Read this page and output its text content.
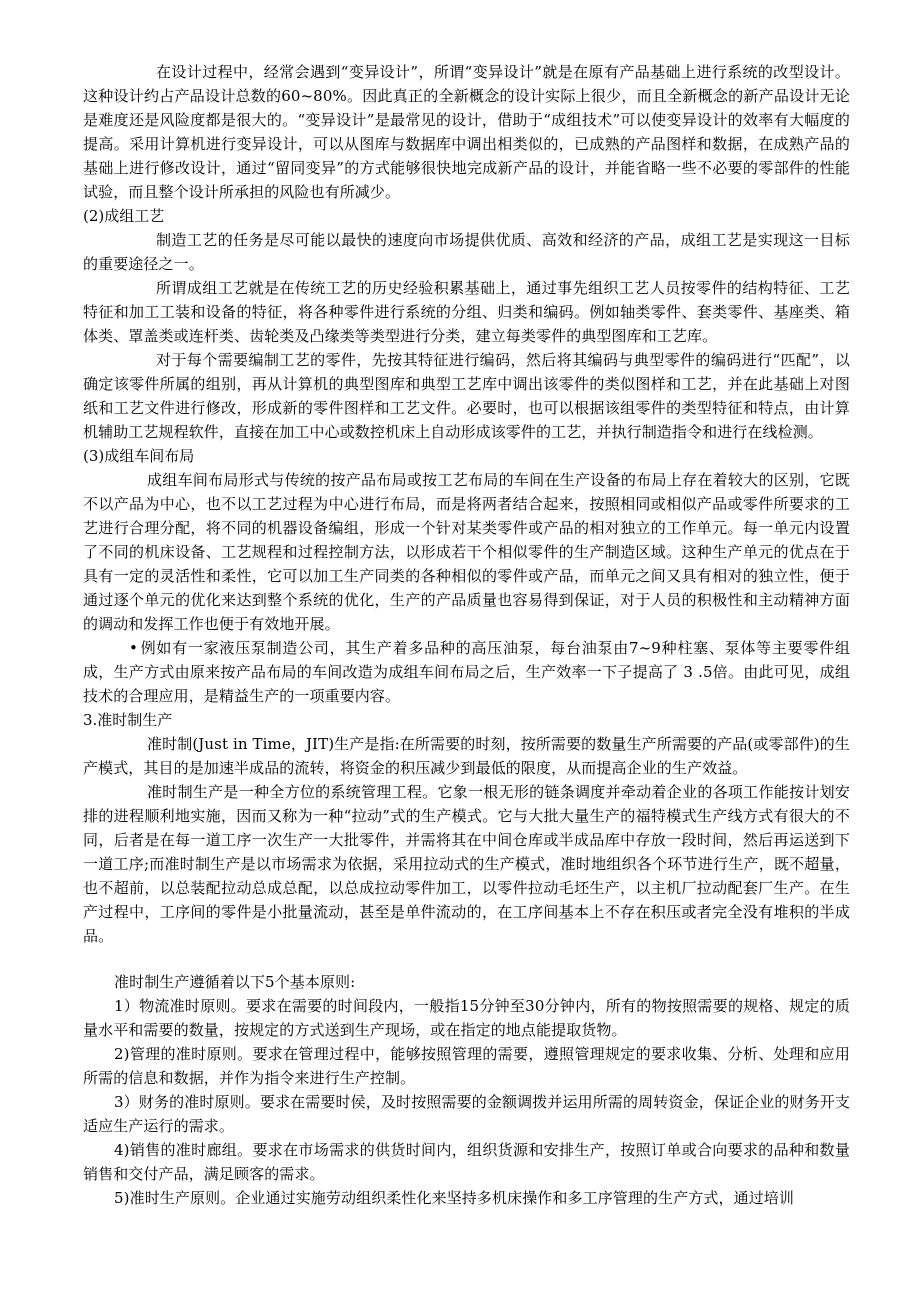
在设计过程中，经常会遇到“变异设计”，所谓“变异设计”就是在原有产品基础上进行系统的改型设计。这种设计约占产品设计总数的60~80%。因此真正的全新概念的设计实际上很少，而且全新概念的新产品设计无论是难度还是风险度都是很大的。“变异设计”是最常见的设计，借助于“成组技术”可以使变异设计的效率有大幅度的提高。采用计算机进行变异设计，可以从图库与数据库中调出相类似的，已成熟的产品图样和数据，在成熟产品的基础上进行修改设计，通过“留同变异”的方式能够很快地完成新产品的设计，并能省略一些不必要的零部件的性能试验，而且整个设计所承担的风险也有所减少。

(2)成组工艺

制造工艺的任务是尽可能以最快的速度向市场提供优质、高效和经济的产品，成组工艺是实现这一目标的重要途径之一。

所谓成组工艺就是在传统工艺的历史经验积累基础上，通过事先组织工艺人员按零件的结构特征、工艺特征和加工工装和设备的特征，将各种零件进行系统的分组、归类和编码。例如轴类零件、套类零件、基座类、箱体类、罩盖类或连杆类、齿轮类及凸缘类等类型进行分类，建立每类零件的典型图库和工艺库。

对于每个需要编制工艺的零件，先按其特征进行编码，然后将其编码与典型零件的编码进行“匹配”，以确定该零件所属的组别，再从计算机的典型图库和典型工艺库中调出该零件的类似图样和工艺，并在此基础上对图纸和工艺文件进行修改，形成新的零件图样和工艺文件。必要时，也可以根据该组零件的类型特征和特点，由计算机辅助工艺规程软件，直接在加工中心或数控机床上自动形成该零件的工艺，并执行制造指令和进行在线检测。

(3)成组车间布局

成组车间布局形式与传统的按产品布局或按工艺布局的车间在生产设备的布局上存在着较大的区别，它既不以产品为中心，也不以工艺过程为中心进行布局，而是将两者结合起来，按照相同或相似产品或零件所要求的工艺进行合理分配，将不同的机器设备编组，形成一个针对某类零件或产品的相对独立的工作单元。每一单元内设置了不同的机床设备、工艺规程和过程控制方法，以形成若干个相似零件的生产制造区域。这种生产单元的优点在于具有一定的灵活性和柔性，它可以加工生产同类的各种相似的零件或产品，而单元之间又具有相对的独立性，便于通过逐个单元的优化来达到整个系统的优化，生产的产品质量也容易得到保证，对于人员的积极性和主动精神方面的调动和发挥工作也便于有效地开展。

• 例如有一家液压泵制造公司，其生产着多品种的高压油泵，每台油泵由7~9种柱塞、泵体等主要零件组成，生产方式由原来按产品布局的车间改造为成组车间布局之后，生产效率一下子提高了 3 .5倍。由此可见，成组技术的合理应用，是精益生产的一项重要内容。

3.准时制生产

准时制(Just in Time，JIT)生产是指:在所需要的时刻，按所需要的数量生产所需要的产品(或零部件)的生产模式，其目的是加速半成品的流转，将资金的积压减少到最低的限度，从而提高企业的生产效益。

准时制生产是一种全方位的系统管理工程。它象一根无形的链条调度并牵动着企业的各项工作能按计划安排的进程顺利地实施，因而又称为一种“拉动”式的生产模式。它与大批大量生产的福特模式生产线方式有很大的不同，后者是在每一道工序一次生产一大批零件，并需将其在中间仓库或半成品库中存放一段时间，然后再运送到下一道工序;而准时制生产是以市场需求为依据，采用拉动式的生产模式，准时地组织各个环节进行生产，既不超量，也不超前，以总装配拉动总成总配，以总成拉动零件加工，以零件拉动毛坯生产，以主机厂拉动配套厂生产。在生产过程中，工序间的零件是小批量流动，甚至是单件流动的，在工序间基本上不存在积压或者完全没有堆积的半成品。

准时制生产遵循着以下5个基本原则:

1）物流准时原则。要求在需要的时间段内，一般指15分钟至30分钟内，所有的物按照需要的规格、规定的质量水平和需要的数量，按规定的方式送到生产现场，或在指定的地点能提取货物。

2)管理的准时原则。要求在管理过程中，能够按照管理的需要，遵照管理规定的要求收集、分析、处理和应用所需的信息和数据，并作为指令来进行生产控制。

3）财务的准时原则。要求在需要时侯，及时按照需要的金额调拨并运用所需的周转资金，保证企业的财务开支适应生产运行的需求。

4)销售的准时廊组。要求在市场需求的供货时间内，组织货源和安排生产，按照订单或合向要求的品种和数量销售和交付产品，满足顾客的需求。

5)准时生产原则。企业通过实施劳动组织柔性化来坚持多机床操作和多工序管理的生产方式，通过培训
